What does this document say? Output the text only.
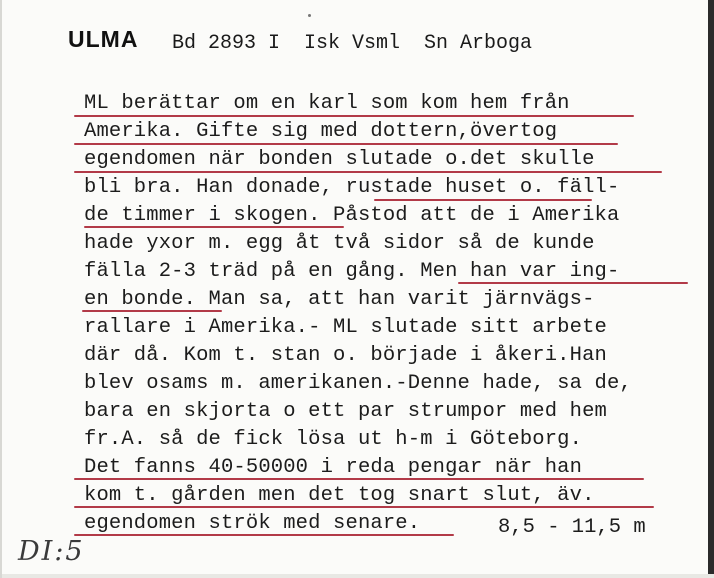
ULMA Bd 2893 I  Isk Vsml  Sn Arboga
ML berättar om en karl som kom hem från
Amerika. Gifte sig med dottern,övertog
egendomen när bonden slutade o.det skulle
bli bra. Han donade, rustade huset o. fäll-
de timmer i skogen. Påstod att de i Amerika
hade yxor m. egg åt två sidor så de kunde
fälla 2-3 träd på en gång. Men han var ing-
en bonde. Man sa, att han varit järnvägs-
rallare i Amerika.- ML slutade sitt arbete
där då. Kom t. stan o. började i åkeri.Han
blev osams m. amerikanen.-Denne hade, sa de,
bara en skjorta o ett par strumpor med hem
fr.A. så de fick lösa ut h-m i Göteborg.
Det fanns 40-50000 i reda pengar när han
kom t. gården men det tog snart slut, äv.
egendomen strök med senare.	8,5 - 11,5 m
DI:5
